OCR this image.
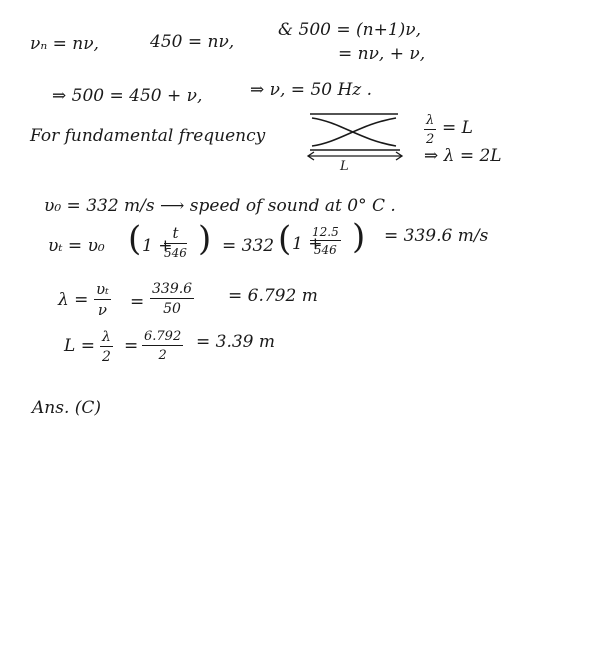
νₙ = nν,	450 = nν,
& 500 = (n+1)ν,
= nν, + ν,
⇒ 500 = 450 + ν,	⇒ ν, = 50 Hz .
For fundamental frequency
L
$\frac{\lambda}{2} = L$
⇒ λ = 2L
υ₀ = 332 m/s ⟶ speed of sound at 0° C .
υₜ = υ₀ ( 1 +
t
546 ) = 332 ( 1 +
$\frac{12.5}{546}$ ) = 339.6 m/s
$\lambda = \frac{\text{υₜ}}{\nu} = \frac{339.6}{50} = 6.792$ m
$L = \frac{\lambda}{2} = \frac{6.792}{2} = 3.39$ m
Ans. (C)
